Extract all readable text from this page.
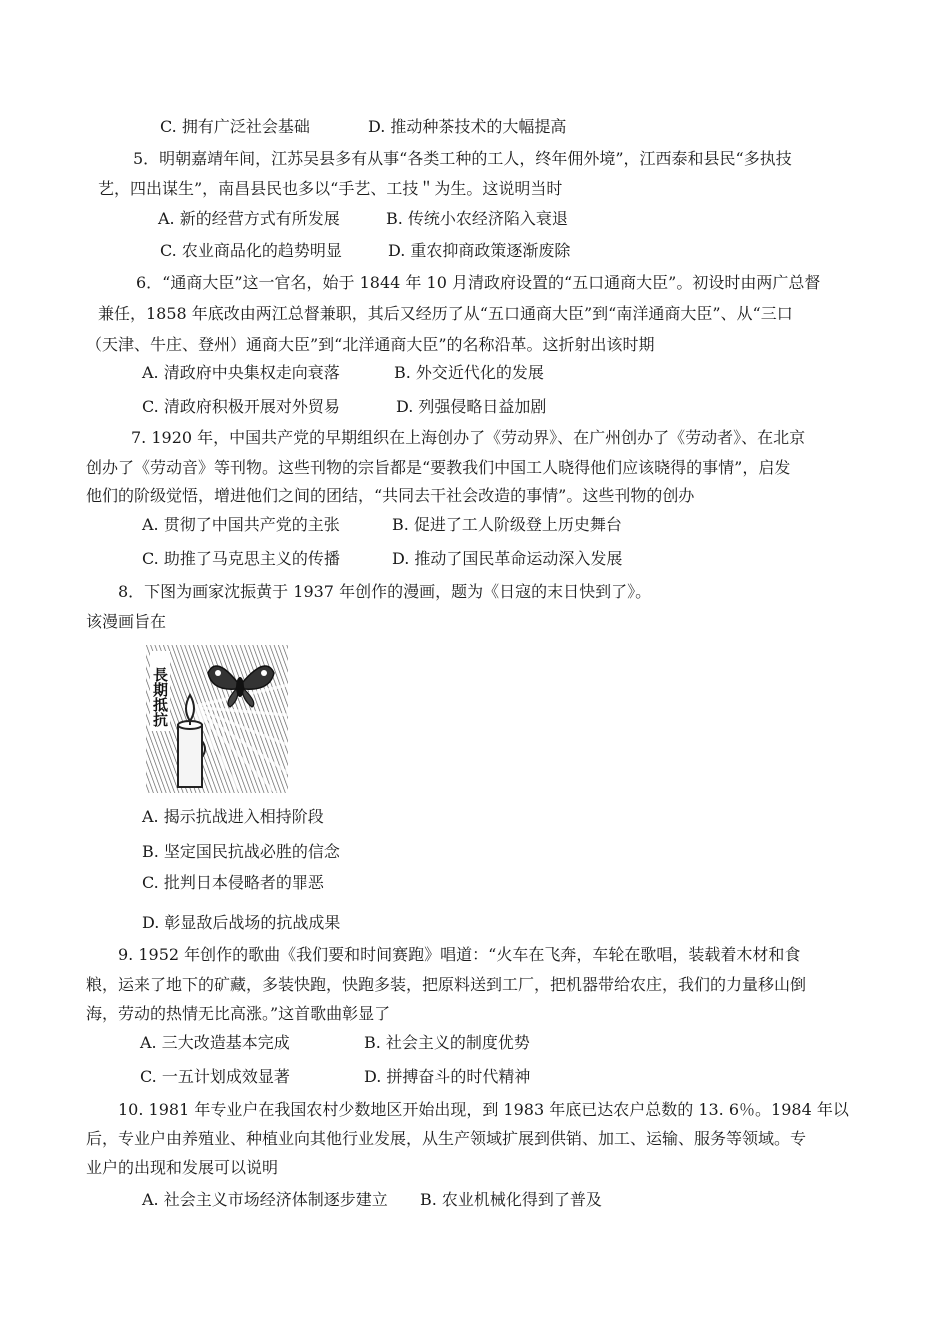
C. 拥有广泛社会基础	D. 推动种茶技术的大幅提高
5．明朝嘉靖年间，江苏吴县多有从事“各类工种的工人，终年佣外境”，江西泰和县民“多执技
艺，四出谋生”，南昌县民也多以“手艺、工技＂为生。这说明当时
A. 新的经营方式有所发展	B. 传统小农经济陷入衰退
C. 农业商品化的趋势明显	D. 重农抑商政策逐渐废除
6．“通商大臣”这一官名，始于 1844 年 10 月清政府设置的“五口通商大臣”。初设时由两广总督
兼任，1858 年底改由两江总督兼职，其后又经历了从“五口通商大臣”到“南洋通商大臣”、从“三口
（天津、牛庄、登州）通商大臣”到“北洋通商大臣”的名称沿革。这折射出该时期
A. 清政府中央集权走向衰落	B. 外交近代化的发展
C. 清政府积极开展对外贸易	D. 列强侵略日益加剧
7. 1920 年，中国共产党的早期组织在上海创办了《劳动界》、在广州创办了《劳动者》、在北京
创办了《劳动音》等刊物。这些刊物的宗旨都是“要教我们中国工人晓得他们应该晓得的事情”，启发
他们的阶级觉悟，增进他们之间的团结，“共同去干社会改造的事情”。这些刊物的创办
A. 贯彻了中国共产党的主张	B. 促进了工人阶级登上历史舞台
C. 助推了马克思主义的传播	D. 推动了国民革命运动深入发展
8．下图为画家沈振黄于 1937 年创作的漫画，题为《日寇的末日快到了》。
该漫画旨在
長期抵抗
A. 揭示抗战进入相持阶段
B. 坚定国民抗战必胜的信念
C. 批判日本侵略者的罪恶
D. 彰显敌后战场的抗战成果
9. 1952 年创作的歌曲《我们要和时间赛跑》唱道：“火车在飞奔，车轮在歌唱，装载着木材和食
粮，运来了地下的矿藏，多装快跑，快跑多装，把原料送到工厂，把机器带给农庄，我们的力量移山倒
海，劳动的热情无比高涨。”这首歌曲彰显了
A. 三大改造基本完成	B. 社会主义的制度优势
C. 一五计划成效显著	D. 拼搏奋斗的时代精神
10. 1981 年专业户在我国农村少数地区开始出现，到 1983 年底已达农户总数的 13. 6％。1984 年以
后，专业户由养殖业、种植业向其他行业发展，从生产领域扩展到供销、加工、运输、服务等领域。专
业户的出现和发展可以说明
A. 社会主义市场经济体制逐步建立 B. 农业机械化得到了普及
